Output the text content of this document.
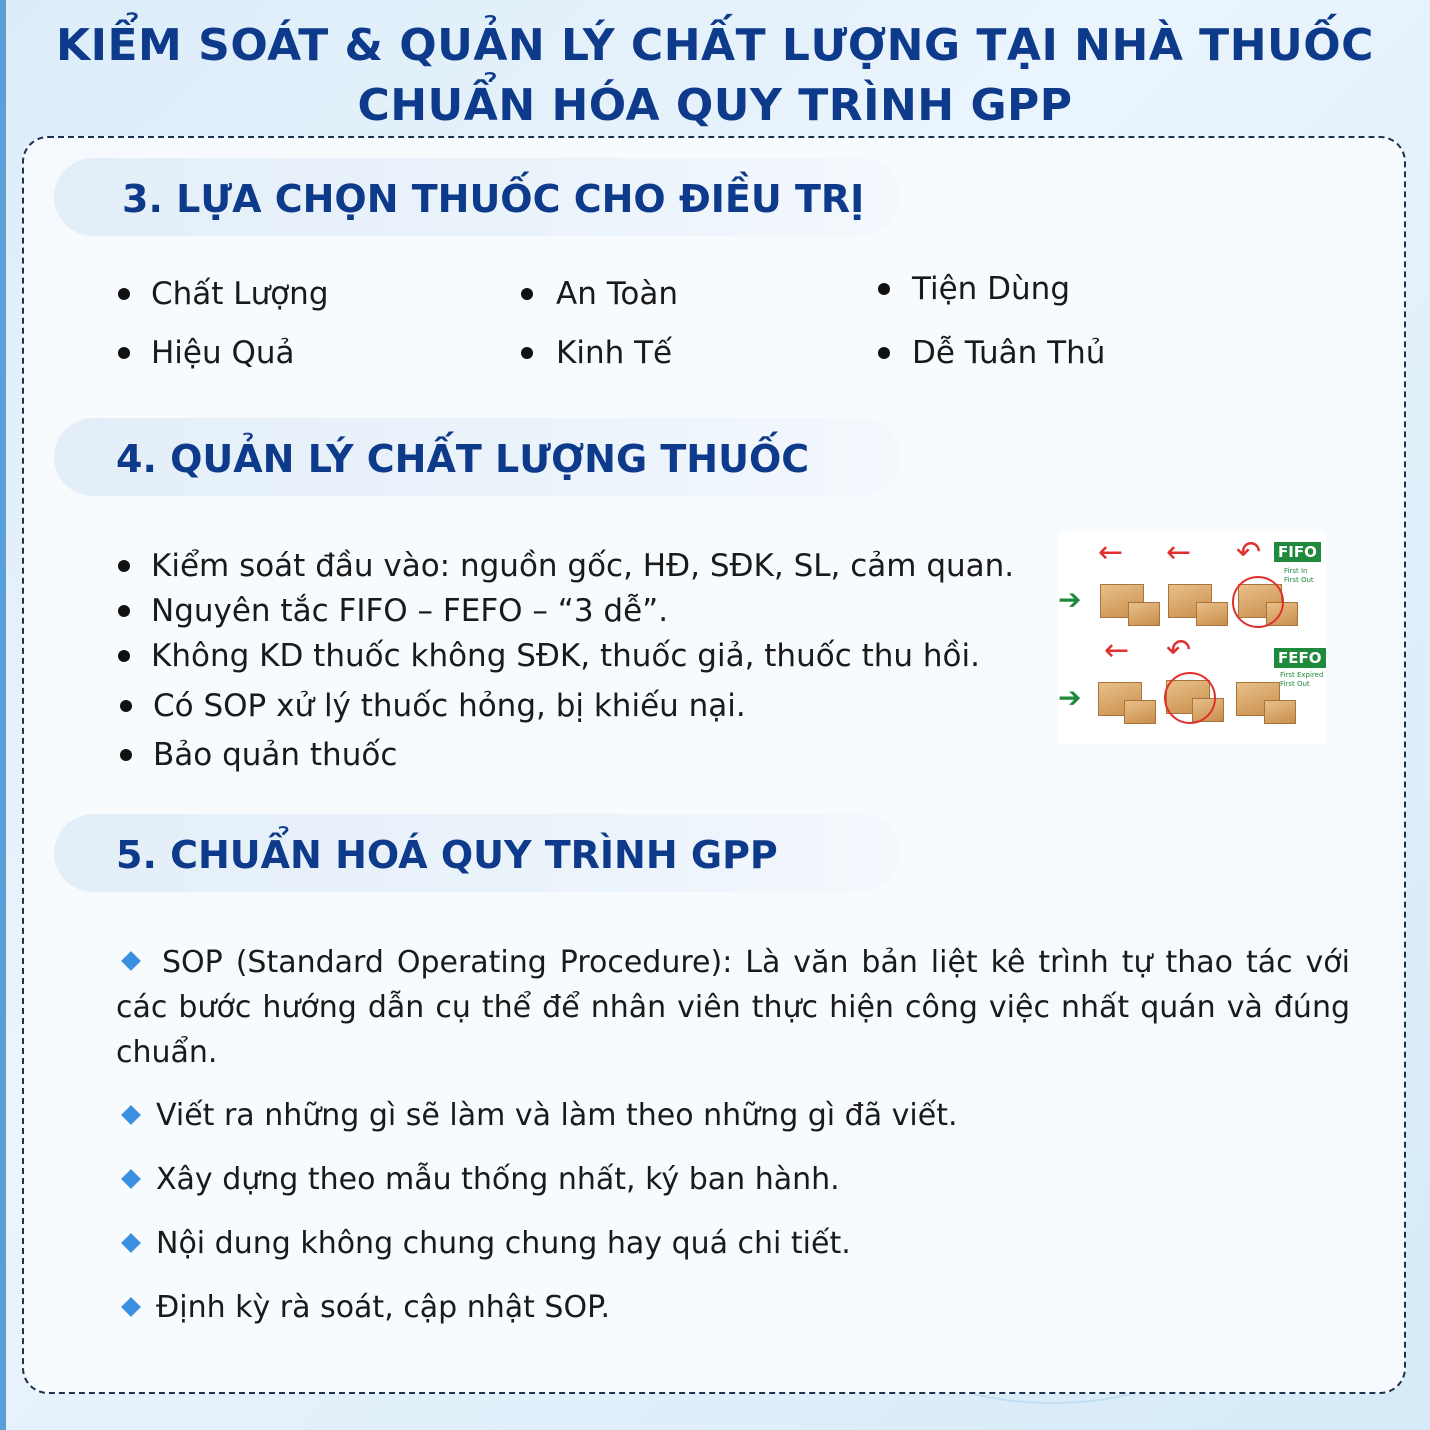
KIỂM SOÁT & QUẢN LÝ CHẤT LƯỢNG TẠI NHÀ THUỐC
CHUẨN HÓA QUY TRÌNH GPP
3. LỰA CHỌN THUỐC CHO ĐIỀU TRỊ
Chất Lượng	An Toàn	Tiện Dùng
Hiệu Quả	Kinh Tế	Dễ Tuân Thủ
4. QUẢN LÝ CHẤT LƯỢNG THUỐC
Kiểm soát đầu vào: nguồn gốc, HĐ, SĐK, SL, cảm quan.
Nguyên tắc FIFO – FEFO – “3 dễ”.
Không KD thuốc không SĐK, thuốc giả, thuốc thu hồi.
Có SOP xử lý thuốc hỏng, bị khiếu nại.
Bảo quản thuốc
← ← ↶ FIFO
First In
First Out
➔
← ↶	FEFO
First Expired
First Out
➔
5. CHUẨN HOÁ QUY TRÌNH GPP
SOP (Standard Operating Procedure): Là văn bản liệt kê trình tự thao tác với các bước hướng dẫn cụ thể để nhân viên thực hiện công việc nhất quán và đúng chuẩn.
Viết ra những gì sẽ làm và làm theo những gì đã viết.
Xây dựng theo mẫu thống nhất, ký ban hành.
Nội dung không chung chung hay quá chi tiết.
Định kỳ rà soát, cập nhật SOP.
